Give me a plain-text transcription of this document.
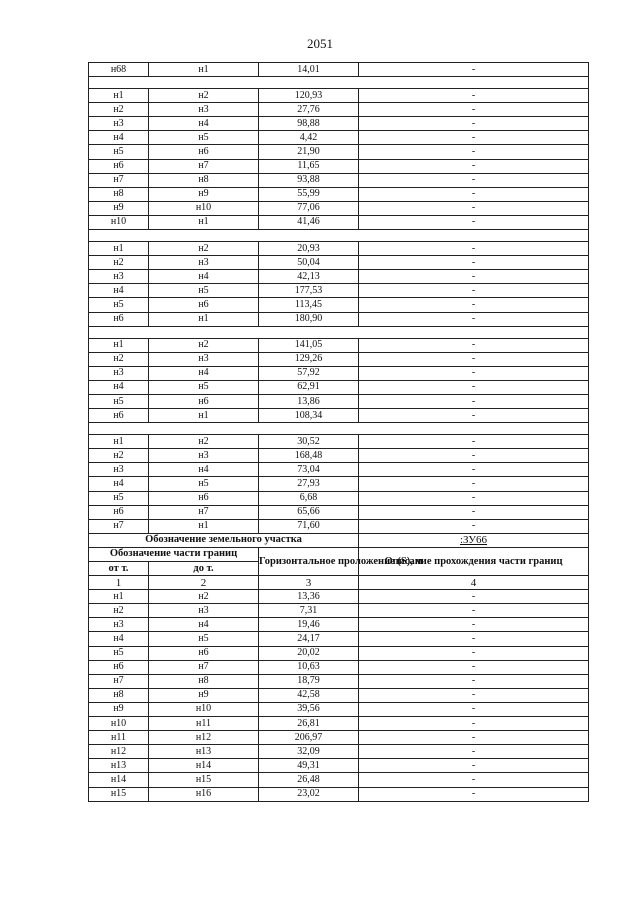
2051
н68	н1	14,01	-

н1	н2	120,93	-
н2	н3	27,76	-
н3	н4	98,88	-
н4	н5	4,42	-
н5	н6	21,90	-
н6	н7	11,65	-
н7	н8	93,88	-
н8	н9	55,99	-
н9	н10	77,06	-
н10	н1	41,46	-

н1	н2	20,93	-
н2	н3	50,04	-
н3	н4	42,13	-
н4	н5	177,53	-
н5	н6	113,45	-
н6	н1	180,90	-

н1	н2	141,05	-
н2	н3	129,26	-
н3	н4	57,92	-
н4	н5	62,91	-
н5	н6	13,86	-
н6	н1	108,34	-

н1	н2	30,52	-
н2	н3	168,48	-
н3	н4	73,04	-
н4	н5	27,93	-
н5	н6	6,68	-
н6	н7	65,66	-
н7	н1	71,60	-
Обозначение земельного участка			:ЗУ66
Обозначение части границ		Горизонтальное проложение (S), м	Описание прохождения части границ
от т.	до т.		
1	2	3	4
н1	н2	13,36	-
н2	н3	7,31	-
н3	н4	19,46	-
н4	н5	24,17	-
н5	н6	20,02	-
н6	н7	10,63	-
н7	н8	18,79	-
н8	н9	42,58	-
н9	н10	39,56	-
н10	н11	26,81	-
н11	н12	206,97	-
н12	н13	32,09	-
н13	н14	49,31	-
н14	н15	26,48	-
н15	н16	23,02	-
